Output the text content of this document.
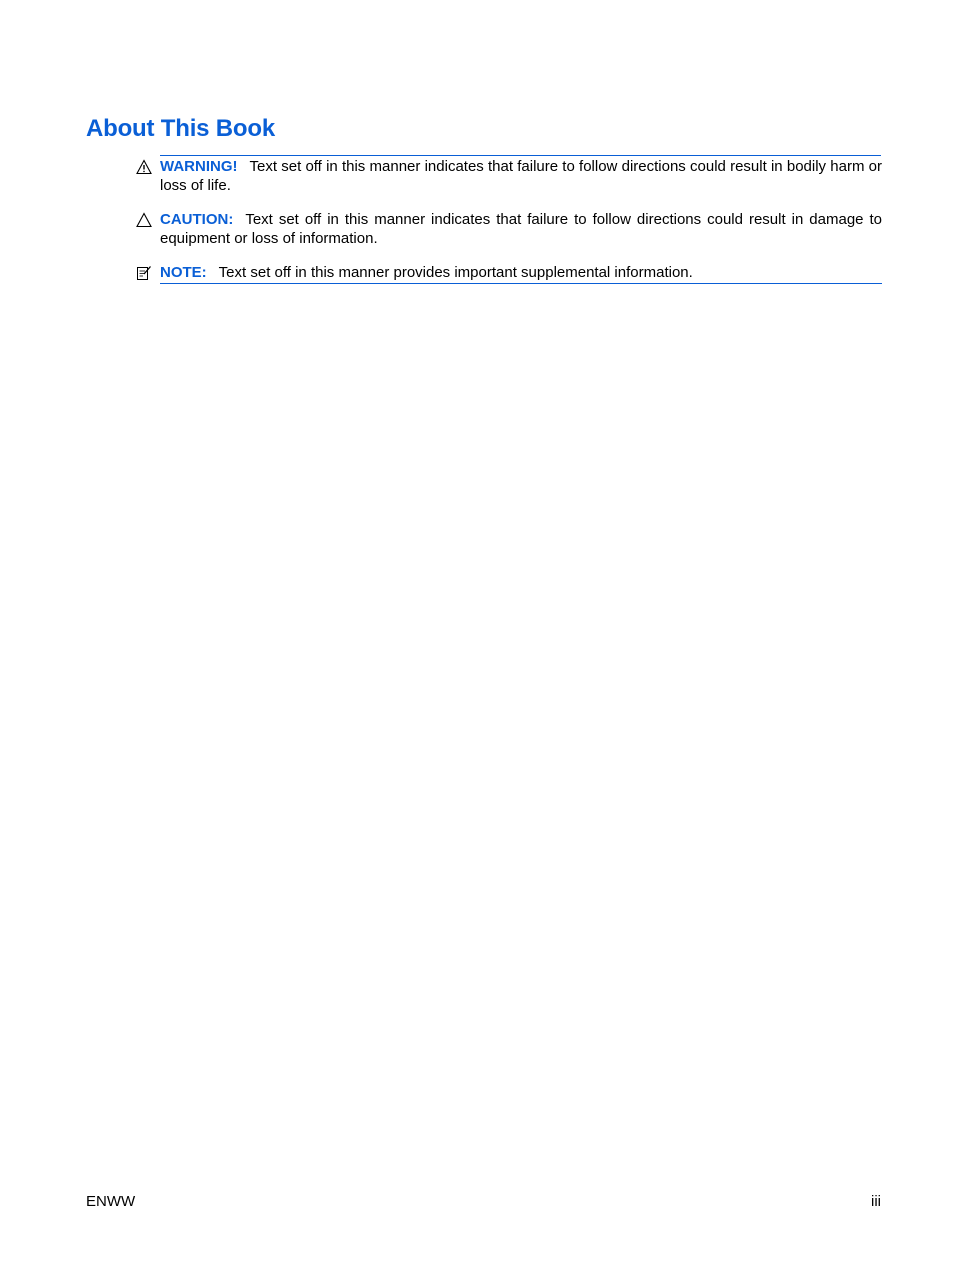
About This Book
WARNING! Text set off in this manner indicates that failure to follow directions could result in bodily harm or loss of life.
CAUTION: Text set off in this manner indicates that failure to follow directions could result in damage to equipment or loss of information.
NOTE: Text set off in this manner provides important supplemental information.
ENWW	iii
